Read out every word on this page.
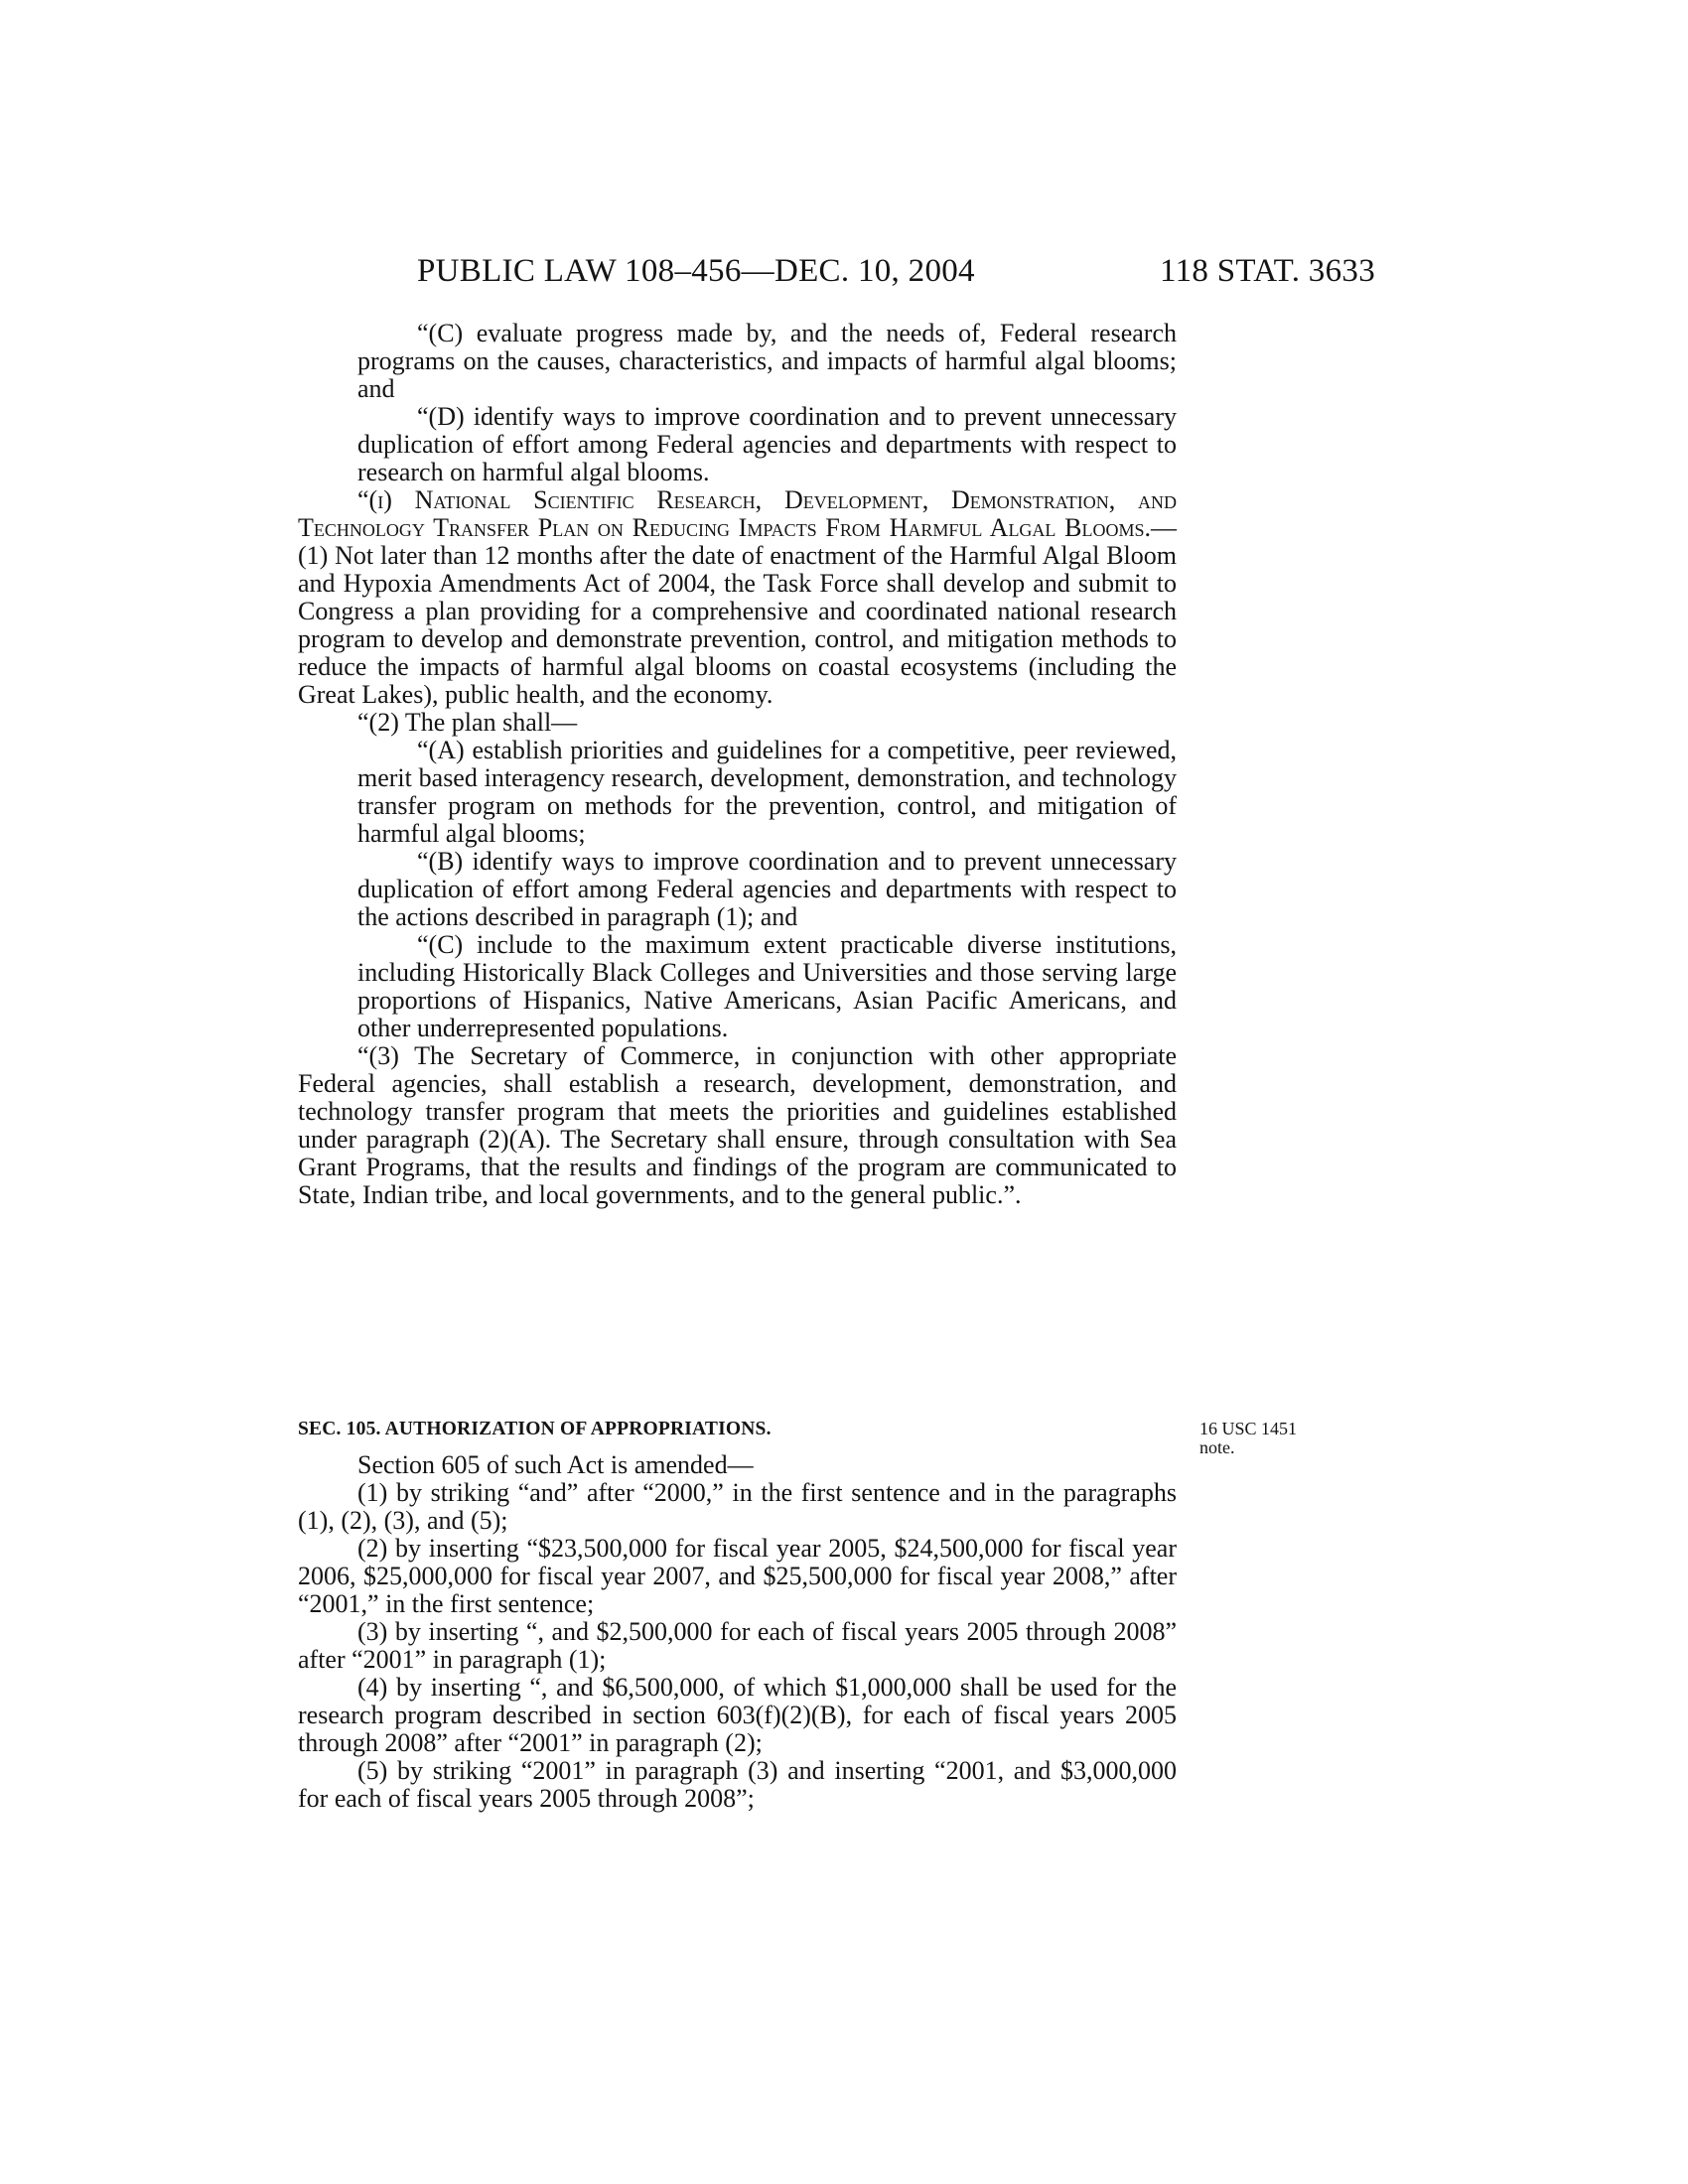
PUBLIC LAW 108–456—DEC. 10, 2004	118 STAT. 3633

“(C) evaluate progress made by, and the needs of, Federal research programs on the causes, characteristics, and impacts of harmful algal blooms; and

“(D) identify ways to improve coordination and to prevent unnecessary duplication of effort among Federal agencies and departments with respect to research on harmful algal blooms.

“(i) National Scientific Research, Development, Demonstration, and Technology Transfer Plan on Reducing Impacts From Harmful Algal Blooms.—(1) Not later than 12 months after the date of enactment of the Harmful Algal Bloom and Hypoxia Amendments Act of 2004, the Task Force shall develop and submit to Congress a plan providing for a comprehensive and coordinated national research program to develop and demonstrate prevention, control, and mitigation methods to reduce the impacts of harmful algal blooms on coastal ecosystems (including the Great Lakes), public health, and the economy.

“(2) The plan shall—

“(A) establish priorities and guidelines for a competitive, peer reviewed, merit based interagency research, development, demonstration, and technology transfer program on methods for the prevention, control, and mitigation of harmful algal blooms;

“(B) identify ways to improve coordination and to prevent unnecessary duplication of effort among Federal agencies and departments with respect to the actions described in paragraph (1); and

“(C) include to the maximum extent practicable diverse institutions, including Historically Black Colleges and Universities and those serving large proportions of Hispanics, Native Americans, Asian Pacific Americans, and other underrepresented populations.

“(3) The Secretary of Commerce, in conjunction with other appropriate Federal agencies, shall establish a research, development, demonstration, and technology transfer program that meets the priorities and guidelines established under paragraph (2)(A). The Secretary shall ensure, through consultation with Sea Grant Programs, that the results and findings of the program are communicated to State, Indian tribe, and local governments, and to the general public.”.

SEC. 105. AUTHORIZATION OF APPROPRIATIONS.	16 USC 1451 note.

Section 605 of such Act is amended—

(1) by striking “and” after “2000,” in the first sentence and in the paragraphs (1), (2), (3), and (5);

(2) by inserting “$23,500,000 for fiscal year 2005, $24,500,000 for fiscal year 2006, $25,000,000 for fiscal year 2007, and $25,500,000 for fiscal year 2008,” after “2001,” in the first sentence;

(3) by inserting “, and $2,500,000 for each of fiscal years 2005 through 2008” after “2001” in paragraph (1);

(4) by inserting “, and $6,500,000, of which $1,000,000 shall be used for the research program described in section 603(f)(2)(B), for each of fiscal years 2005 through 2008” after “2001” in paragraph (2);

(5) by striking “2001” in paragraph (3) and inserting “2001, and $3,000,000 for each of fiscal years 2005 through 2008”;
